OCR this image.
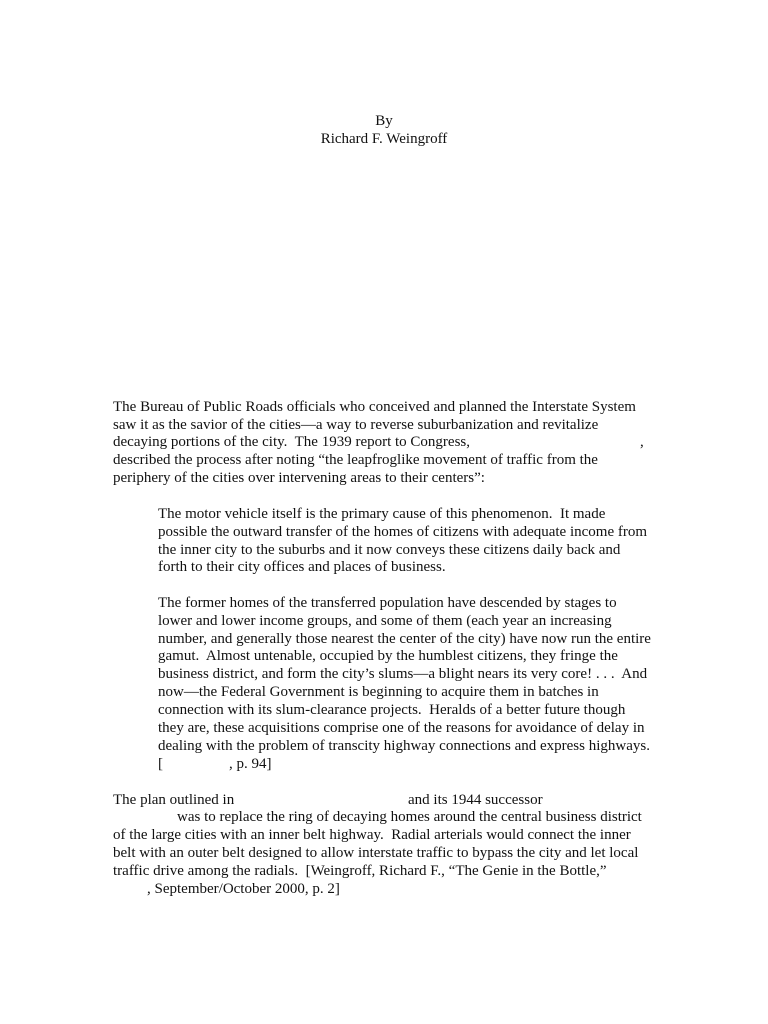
By
Richard F. Weingroff
The Bureau of Public Roads officials who conceived and planned the Interstate System
saw it as the savior of the cities—a way to reverse suburbanization and revitalize
decaying portions of the city.  The 1939 report to Congress,	,
described the process after noting “the leapfroglike movement of traffic from the
periphery of the cities over intervening areas to their centers”:
The motor vehicle itself is the primary cause of this phenomenon.  It made
possible the outward transfer of the homes of citizens with adequate income from
the inner city to the suburbs and it now conveys these citizens daily back and
forth to their city offices and places of business.
The former homes of the transferred population have descended by stages to
lower and lower income groups, and some of them (each year an increasing
number, and generally those nearest the center of the city) have now run the entire
gamut.  Almost untenable, occupied by the humblest citizens, they fringe the
business district, and form the city’s slums—a blight nears its very core! . . .  And
now—the Federal Government is beginning to acquire them in batches in
connection with its slum-clearance projects.  Heralds of a better future though
they are, these acquisitions comprise one of the reasons for avoidance of delay in
dealing with the problem of transcity highway connections and express highways.
[	, p. 94]
The plan outlined in	and its 1944 successor
was to replace the ring of decaying homes around the central business district
of the large cities with an inner belt highway.  Radial arterials would connect the inner
belt with an outer belt designed to allow interstate traffic to bypass the city and let local
traffic drive among the radials.  [Weingroff, Richard F., “The Genie in the Bottle,”
, September/October 2000, p. 2]
